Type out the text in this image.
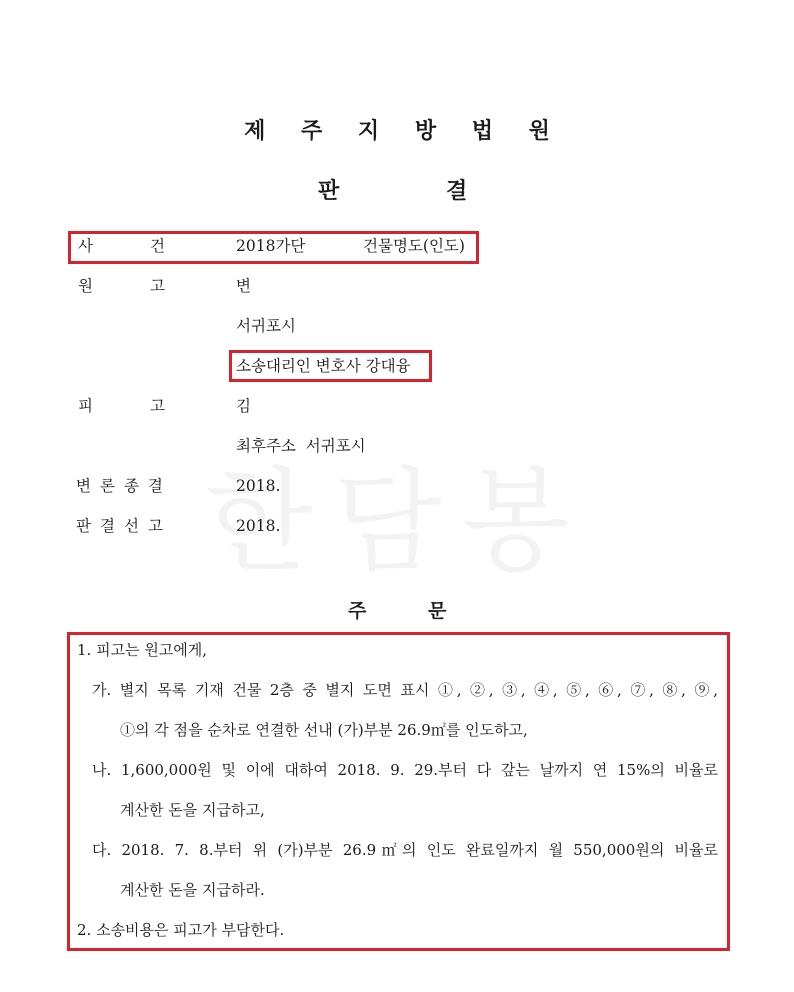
제 주 지 방 법 원
판	결
사	건	2018가단	건물명도(인도)
원	고	변
서귀포시
소송대리인 변호사 강대융
피	고	김
최후주소  서귀포시
변론종결	2018.
판결선고	2018.
주	문
1. 피고는 원고에게,
가. 별지 목록 기재 건물 2층 중 별지 도면 표시 ①, ②, ③, ④, ⑤, ⑥, ⑦, ⑧, ⑨,
①의 각 점을 순차로 연결한 선내 (가)부분 26.9㎡를 인도하고,
나. 1,600,000원 및 이에 대하여 2018. 9. 29.부터 다 갚는 날까지 연 15%의 비율로
계산한 돈을 지급하고,
다. 2018. 7. 8.부터 위 (가)부분 26.9㎡의 인도 완료일까지 월 550,000원의 비율로
계산한 돈을 지급하라.
2. 소송비용은 피고가 부담한다.
